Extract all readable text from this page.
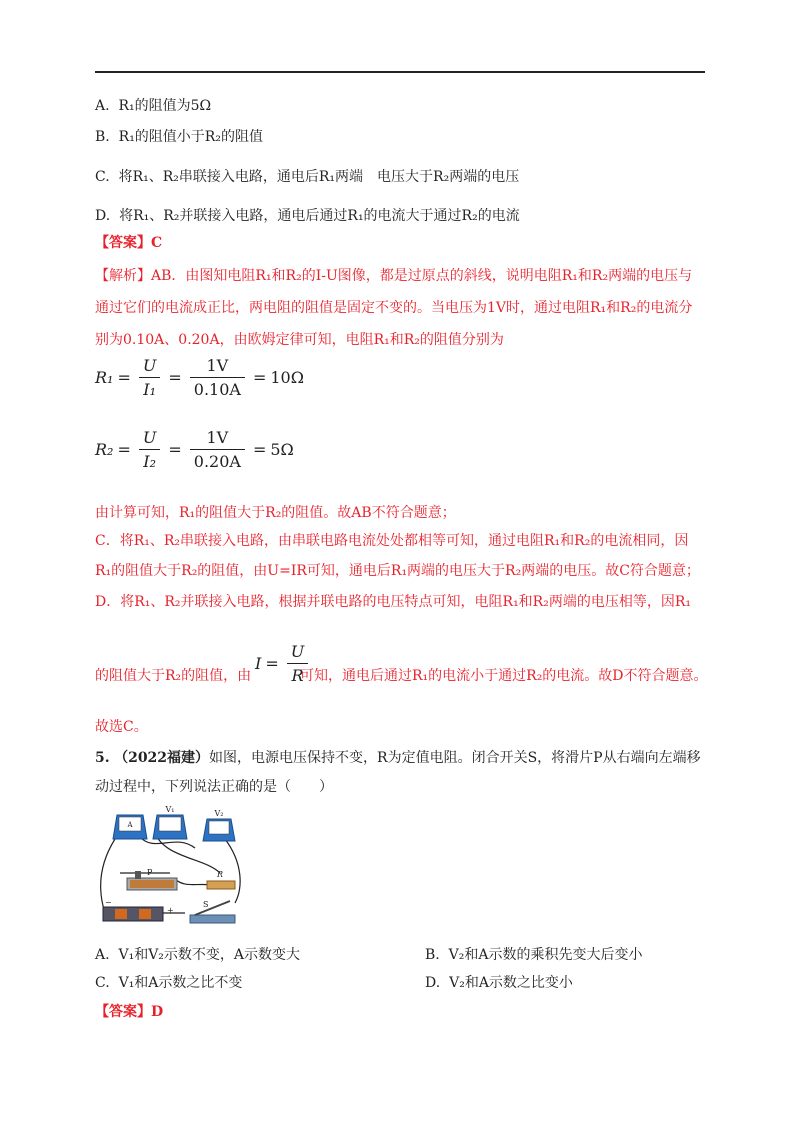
A. R₁的阻值为5Ω
B. R₁的阻值小于R₂的阻值
C. 将R₁、R₂串联接入电路，通电后R₁两端　电压大于R₂两端的电压
D. 将R₁、R₂并联接入电路，通电后通过R₁的电流大于通过R₂的电流
【答案】C
【解析】AB．由图知电阻R₁和R₂的I-U图像，都是过原点的斜线，说明电阻R₁和R₂两端的电压与
通过它们的电流成正比，两电阻的阻值是固定不变的。当电压为1V时，通过电阻R₁和R₂的电流分
别为0.10A、0.20A，由欧姆定律可知，电阻R₁和R₂的阻值分别为
$R_1 = \frac{U}{\text{I₁}} = \frac{1V}{0.10A} = 10\Omega$
$R_2 = \frac{U}{\text{I₂}} = \frac{1V}{0.20A} = 5\Omega$
由计算可知，R₁的阻值大于R₂的阻值。故AB不符合题意；
C．将R₁、R₂串联接入电路，由串联电路电流处处都相等可知，通过电阻R₁和R₂的电流相同，因
R₁的阻值大于R₂的阻值，由U=IR可知，通电后R₁两端的电压大于R₂两端的电压。故C符合题意；
D．将R₁、R₂并联接入电路，根据并联电路的电压特点可知，电阻R₁和R₂两端的电压相等，因R₁
的阻值大于R₂的阻值，由
$I = \frac{U}{R}$
可知，通电后通过R₁的电流小于通过R₂的电流。故D不符合题意。
故选C。
5. （2022福建）如图，电源电压保持不变，R为定值电阻。闭合开关S，将滑片P从右端向左端移
动过程中，下列说法正确的是（　　）
A
V₁	V₂
P	R
−
+
S
A. V₁和V₂示数不变，A示数变大	B. V₂和A示数的乘积先变大后变小
C. V₁和A示数之比不变	D. V₂和A示数之比变小
【答案】D
